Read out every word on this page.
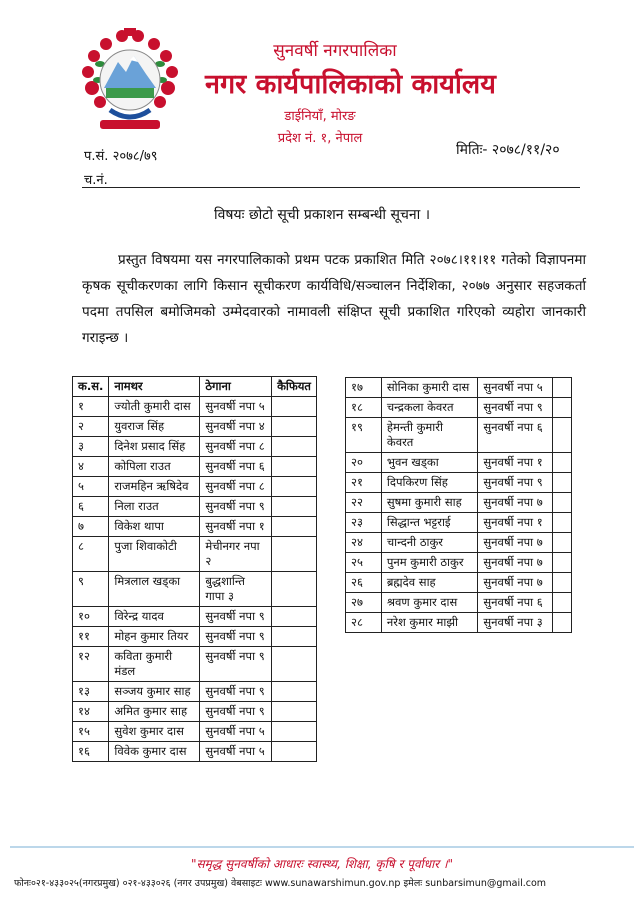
सुनवर्षी नगरपालिका
नगर कार्यपालिकाको कार्यालय
डाईनियाँ, मोरङ
प्रदेश नं. १, नेपाल
प.सं. २०७८/७९	मितिः- २०७८/११/२०
च.नं.
विषयः छोटो सूची प्रकाशन सम्बन्धी सूचना ।
प्रस्तुत विषयमा यस नगरपालिकाको प्रथम पटक प्रकाशित मिति २०७८।११।११ गतेको विज्ञापनमा कृषक सूचीकरणका लागि किसान सूचीकरण कार्यविधि/सञ्चालन निर्देशिका, २०७७ अनुसार सहजकर्ता पदमा तपसिल बमोजिमको उम्मेदवारको नामावली संक्षिप्त सूची प्रकाशित गरिएको व्यहोरा जानकारी गराइन्छ ।
क.स.	नामथर	ठेगाना	कैफियत
१	ज्योती कुमारी दास	सुनवर्षी नपा ५	
२	युवराज सिंह	सुनवर्षी नपा ४	
३	दिनेश प्रसाद सिंह	सुनवर्षी नपा ८	
४	कोपिला राउत	सुनवर्षी नपा ६	
५	राजमहिन ऋषिदेव	सुनवर्षी नपा ८	
६	निला राउत	सुनवर्षी नपा ९	
७	विकेश थापा	सुनवर्षी नपा १	
८	पुजा शिवाकोटी	मेचीनगर नपा २	
९	मित्रलाल खड्का	बुद्धशान्ति गापा ३	
१०	विरेन्द्र यादव	सुनवर्षी नपा ९	
११	मोहन कुमार तियर	सुनवर्षी नपा ९	
१२	कविता कुमारी मंडल	सुनवर्षी नपा ९	
१३	सञ्जय कुमार साह	सुनवर्षी नपा ९	
१४	अमित कुमार साह	सुनवर्षी नपा ९	
१५	सुवेश कुमार दास	सुनवर्षी नपा ५	
१६	विवेक कुमार दास	सुनवर्षी नपा ५	
१७	सोनिका कुमारी दास	सुनवर्षी नपा ५	
१८	चन्द्रकला केवरत	सुनवर्षी नपा ९	
१९	हेमन्ती कुमारी केवरत	सुनवर्षी नपा ६	
२०	भुवन खड्का	सुनवर्षी नपा १	
२१	दिपकिरण सिंह	सुनवर्षी नपा ९	
२२	सुषमा कुमारी साह	सुनवर्षी नपा ७	
२३	सिद्धान्त भट्टराई	सुनवर्षी नपा १	
२४	चान्दनी ठाकुर	सुनवर्षी नपा ७	
२५	पुनम कुमारी ठाकुर	सुनवर्षी नपा ७	
२६	ब्रह्मदेव साह	सुनवर्षी नपा ७	
२७	श्रवण कुमार दास	सुनवर्षी नपा ६	
२८	नरेश कुमार माझी	सुनवर्षी नपा ३	
"समृद्ध सुनवर्षीको आधारः स्वास्थ्य, शिक्षा, कृषि र पूर्वाधार ।"
फोनः०२१-४३३०२५(नगरप्रमुख) ०२१-४३३०२६ (नगर उपप्रमुख) वेबसाइटः www.sunawarshimun.gov.np इमेलः sunbarsimun@gmail.com
